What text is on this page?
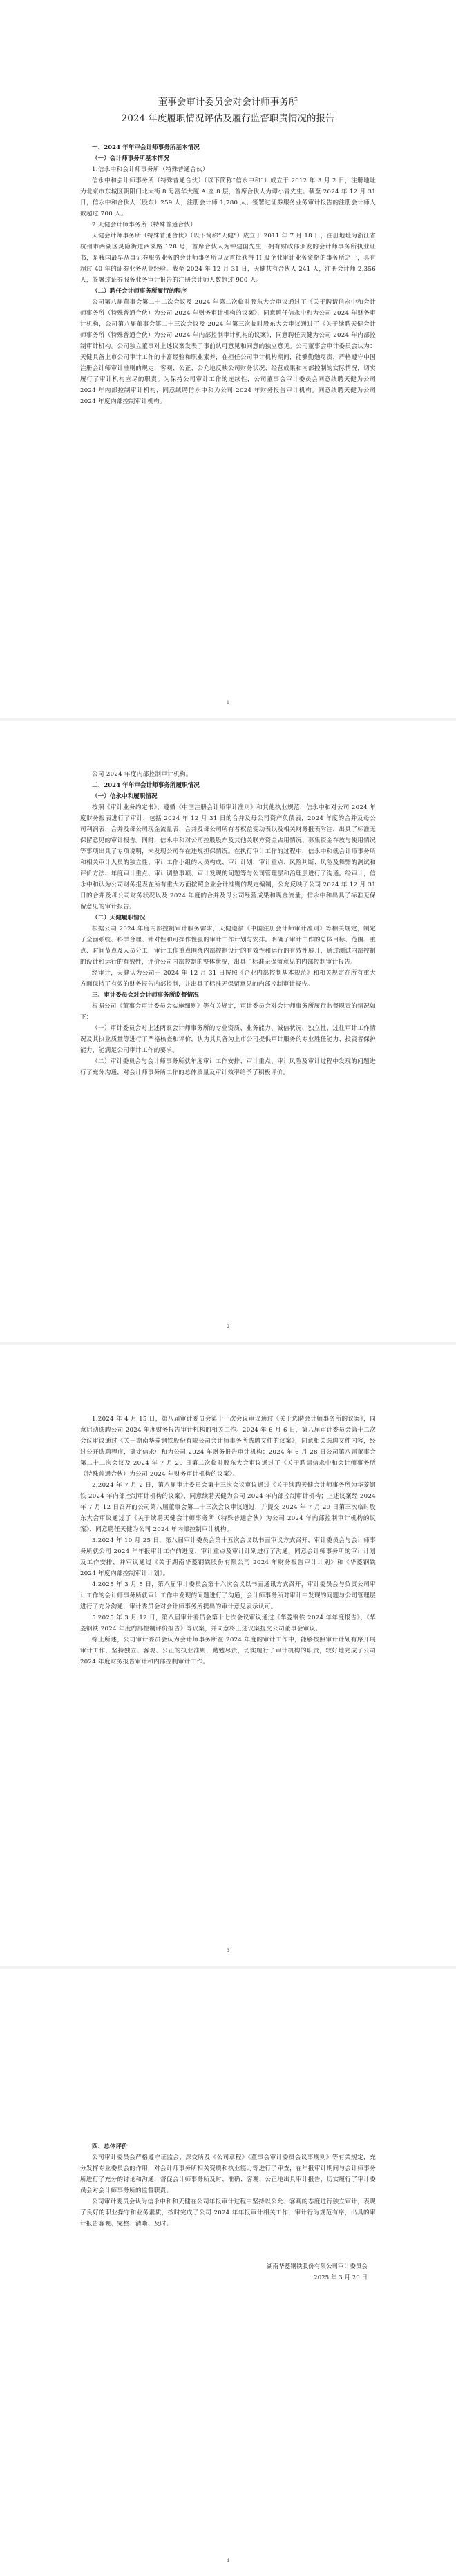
董事会审计委员会对会计师事务所

2024 年度履职情况评估及履行监督职责情况的报告

一、2024 年年审会计师事务所基本情况

（一）会计师事务所基本情况

1.信永中和会计师事务所（特殊普通合伙）

信永中和会计师事务所（特殊普通合伙）（以下简称“信永中和”）成立于 2012 年 3 月 2 日，注册地址为北京市东城区朝阳门北大街 8 号富华大厦 A 座 8 层，首席合伙人为谭小青先生。截至 2024 年 12 月 31 日，信永中和合伙人（股东）259 人，注册会计师 1,780 人。签署过证券服务业务审计报告的注册会计师人数超过 700 人。

2.天健会计师事务所（特殊普通合伙）

天健会计师事务所（特殊普通合伙）（以下简称“天健”）成立于 2011 年 7 月 18 日，注册地址为浙江省杭州市西湖区灵隐街道西溪路 128 号，首席合伙人为钟建国先生，拥有财政部颁发的会计师事务所执业证书，是我国最早从事证券服务业务的会计师事务所以及首批获得 H 股企业审计业务资格的事务所之一，具有超过 40 年的证券业务从业经验。截至 2024 年 12 月 31 日，天健共有合伙人 241 人，注册会计师 2,356 人，签署过证券服务业务审计报告的注册会计师人数超过 900 人。

（二）聘任会计师事务所履行的程序

公司第八届董事会第二十二次会议及 2024 年第二次临时股东大会审议通过了《关于聘请信永中和会计师事务所（特殊普通合伙）为公司 2024 年财务审计机构的议案》，同意聘任信永中和为公司 2024 年财务审计机构，公司第八届董事会第二十三次会议及 2024 年第三次临时股东大会审议通过了《关于续聘天健会计师事务所（特殊普通合伙）为公司 2024 年内部控制审计机构的议案》，同意聘任天健为公司 2024 年内部控制审计机构。公司独立董事对上述议案发表了事前认可意见和同意的独立意见。公司董事会审计委员会认为：天健具备上市公司审计工作的丰富经验和职业素养，在担任公司审计机构期间，能够勤勉尽责，严格遵守中国注册会计师审计准则的规定，客观、公正、公允地反映公司财务状况、经营成果和内部控制的实际情况，切实履行了审计机构应尽的职责。为保持公司审计工作的连续性，公司董事会审计委员会同意续聘天健为公司 2024 年内部控制审计机构，同意续聘信永中和为公司 2024 年财务报告审计机构。同意续聘天健为公司 2024 年度内部控制审计机构。

1

公司 2024 年度内部控制审计机构。

二、2024 年年审会计师事务所履职情况

（一）信永中和履职情况

按照《审计业务约定书》，遵循《中国注册会计师审计准则》和其他执业规范，信永中和对公司 2024 年度财务报表进行了审计，包括 2024 年 12 月 31 日的合并及母公司资产负债表，2024 年度的合并及母公司利润表、合并及母公司现金流量表、合并及母公司所有者权益变动表以及相关财务报表附注，出具了标准无保留意见的审计报告。同时，信永中和对公司控股股东及其他关联方资金占用情况、募集资金存放与使用情况等事项出具了专项说明，未发现公司存在违规担保情况。在执行审计工作的过程中，信永中和就会计师事务所和相关审计人员的独立性、审计工作小组的人员构成、审计计划、审计重点、风险判断、风险及舞弊的测试和评价方法、年度审计重点、审计调整事项、审计发现的问题等与公司管理层和治理层进行了沟通。经审计，信永中和认为公司财务报表在所有重大方面按照企业会计准则的规定编制，公允反映了公司 2024 年 12 月 31 日的合并及母公司财务状况以及 2024 年度的合并及母公司经营成果和现金流量，信永中和出具了标准无保留意见的审计报告。

（二）天健履职情况

根据公司 2024 年度内部控制审计服务需求，天健遵循《中国注册会计师审计准则》等相关规定，制定了全面系统、科学合理、针对性和可操作性强的审计工作计划与安排。明确了审计工作的总体目标、范围、重点、时间节点及人员分工，审计工作重点围绕内部控制设计的有效性和运行的有效性展开，通过测试内部控制的设计和运行的有效性，评价公司内部控制的整体状况，出具了标准无保留意见的内部控制审计报告。

经审计，天健认为公司于 2024 年 12 月 31 日按照《企业内部控制基本规范》和相关规定在所有重大方面保持了有效的财务报告内部控制，并出具了标准无保留意见的内部控制审计报告。

三、审计委员会对会计师事务所监督情况

根据公司《董事会审计委员会实施细则》等有关规定，审计委员会对会计师事务所履行监督职责的情况如下：

（一）审计委员会对上述两家会计师事务所的专业资质、业务能力、诚信状况、独立性、过往审计工作情况及其执业质量等进行了严格核查和评价，认为其具备为上市公司提供审计服务的专业胜任能力、投资者保护能力，能满足公司审计工作的要求。

（二）审计委员会与会计师事务所就年度审计工作安排、审计重点、审计风险及审计过程中发现的问题进行了充分沟通，对会计师事务所工作的总体质量及审计效率给予了积极评价。

2

1.2024 年 4 月 15 日，第八届审计委员会第十一次会议审议通过《关于选聘会计师事务所的议案》，同意启动选聘公司 2024 年度财务报告审计机构的相关工作。2024 年 6 月 6 日，第八届审计委员会第十二次会议审议通过《关于湖南华菱钢铁股份有限公司会计师事务所选聘文件的议案》，同意相关选聘文件内容，经过公开选聘程序，确定信永中和为公司 2024 年财务报告审计机构；2024 年 6 月 28 日公司第八届董事会第二十二次会议及 2024 年 7 月 29 日第二次临时股东大会审议通过了《关于聘请信永中和会计师事务所（特殊普通合伙）为公司 2024 年财务审计机构的议案》。

2.2024 年 7 月 2 日，第八届审计委员会第十三次会议审议通过《关于续聘天健会计师事务所为华菱钢铁 2024 年内部控制审计机构的议案》，同意续聘天健为公司 2024 年内部控制审计机构；上述议案经 2024 年 7 月 12 日召开的公司第八届董事会第二十三次会议审议通过，并提交 2024 年 7 月 29 日第三次临时股东大会审议通过了《关于续聘天健会计师事务所（特殊普通合伙）为公司 2024 年内部控制审计机构的议案》，同意聘任天健为公司 2024 年内部控制审计机构。

3.2024 年 10 月 25 日，第八届审计委员会第十五次会议以书面审议方式召开，审计委员会与会计师事务所就公司 2024 年年报审计工作的进度、审计重点及审计计划进行了沟通，同意会计师事务所的审计计划及工作安排，并审议通过《关于湖南华菱钢铁股份有限公司 2024 年财务报告审计计划》和《华菱钢铁 2024 年度内部控制审计计划》。

4.2025 年 3 月 5 日，第八届审计委员会第十六次会议以书面通讯方式召开，审计委员会与负责公司审计工作的会计师事务所就审计工作中发现的问题进行了沟通，会计师事务所对审计中发现的问题与公司管理层进行了充分沟通，审计委员会对会计师事务所提出的审计意见表示认可。

5.2025 年 3 月 12 日，第八届审计委员会第十七次会议审议通过《华菱钢铁 2024 年年度报告》、《华菱钢铁 2024 年度内部控制评价报告》等议案，并同意将上述议案提交公司董事会审议。

综上所述，公司审计委员会认为会计师事务所在 2024 年度的审计工作中，能够按照审计计划有序开展审计工作，坚持独立、客观、公正的执业准则，勤勉尽责，切实履行了审计机构的职责，较好地完成了公司 2024 年度财务报告审计和内部控制审计工作。

3

四、总体评价

公司审计委员会严格遵守证监会、深交所及《公司章程》《董事会审计委员会议事规则》等有关规定，充分发挥专业委员会的作用，对会计师事务所相关资质和执业能力等进行了审查，在年报审计期间与会计师事务所进行了充分的讨论和沟通，督促会计师事务所及时、准确、客观、公正地出具审计报告，切实履行了审计委员会对会计师事务所的监督职责。

公司审计委员会认为信永中和和天健在公司年报审计过程中坚持以公允、客观的态度进行独立审计，表现了良好的职业操守和业务素质，按时完成了公司 2024 年年报审计相关工作，审计行为规范有序，出具的审计报告客观、完整、清晰、及时。

湖南华菱钢铁股份有限公司审计委员会

2025 年 3 月 20 日

4
